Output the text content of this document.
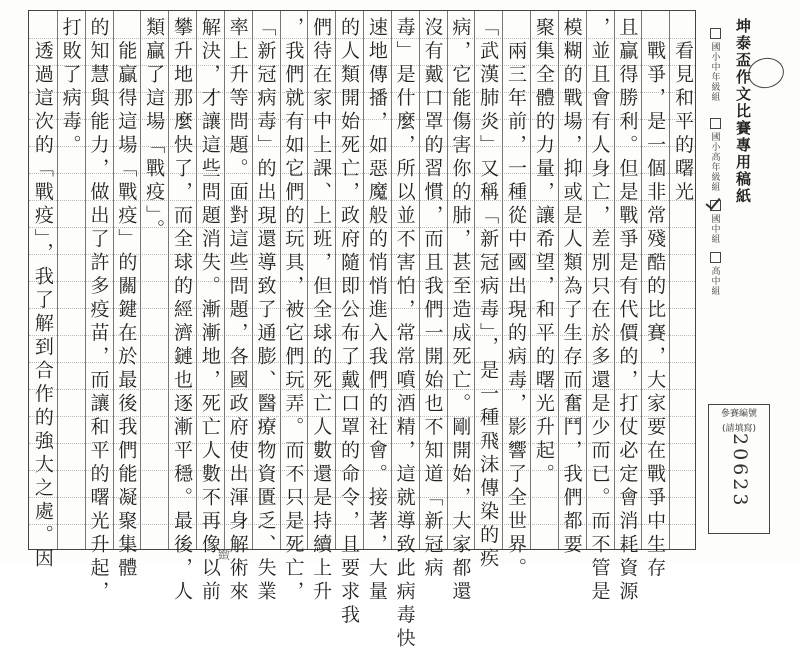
　看見和平的曙光
　戰爭，是一個非常殘酷的比賽，大家要在戰爭中生存
且贏得勝利。但是戰爭是有代價的，打仗必定會消耗資源
，並且會有人身亡，差別只在於多還是少而已。而不管是
模糊的戰場，抑或是人類為了生存而奮鬥，我們都要
聚集全體的力量，讓希望，和平的曙光升起。
　兩三年前，一種從中國出現的病毒，影響了全世界。
「武漢肺炎」又稱「新冠病毒」，是一種飛沫傳染的疾
病，它能傷害你的肺，甚至造成死亡。剛開始，大家都還
沒有戴口罩的習慣，而且我們一開始也不知道「新冠病
毒」是什麼，所以並不害怕，常常噴酒精，這就導致此病毒快
速地傳播，如惡魔般的悄悄進入我們的社會。接著，大量
的人類開始死亡，政府隨即公布了戴口罩的命令，且要求我
們待在家中上課、上班，但全球的死亡人數還是持續上升
，我們就有如它們的玩具，被它們玩弄。而不只是死亡，
「新冠病毒」的出現還導致了通膨、醫療物資匱乏、失業
率上升等問題。面對這些問題，各國政府使出渾身解術來
解決，才讓這些問題消失。漸漸地，死亡人數不再像以前
攀升地那麼快了，而全球的經濟鏈也逐漸平穩。最後，人
類贏了這場「戰疫」。
　能贏得這場「戰疫」的關鍵在於最後我們能凝聚集體
的知慧與能力，做出了許多疫苗，而讓和平的曙光升起，
打敗了病毒。
　透過這次的「戰疫」，我了解到合作的強大之處。因	坤泰盃作文比賽專用稿紙
國小中年級組
國小高年級組
國中組
高中組
參賽編號
(請填寫)
20623
緻
